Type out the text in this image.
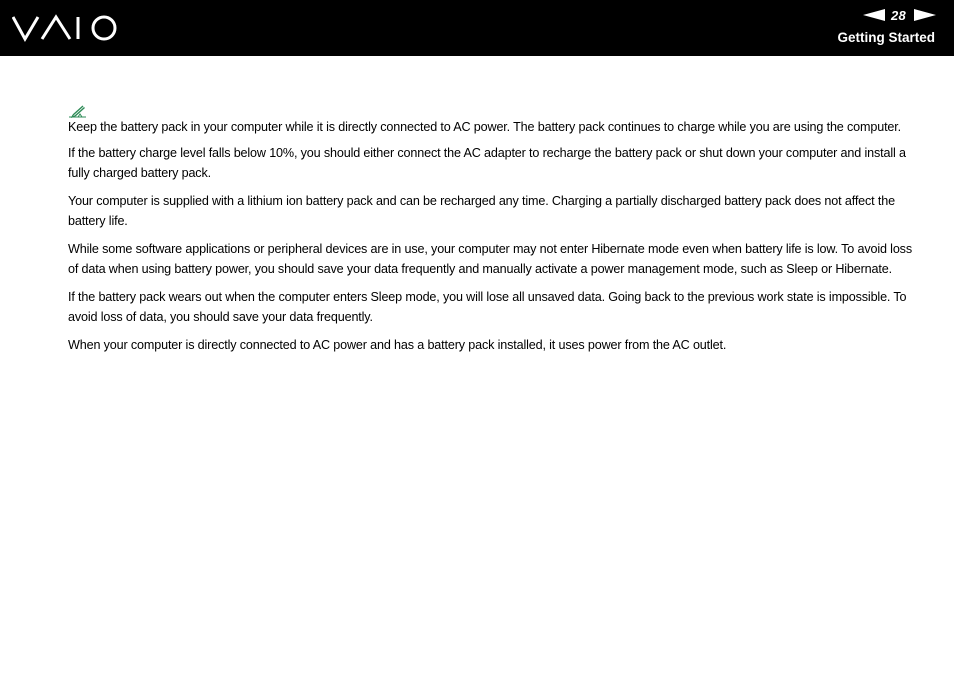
28
Getting Started
Keep the battery pack in your computer while it is directly connected to AC power. The battery pack continues to charge while you are using the computer.

If the battery charge level falls below 10%, you should either connect the AC adapter to recharge the battery pack or shut down your computer and install a fully charged battery pack.

Your computer is supplied with a lithium ion battery pack and can be recharged any time. Charging a partially discharged battery pack does not affect the battery life.

While some software applications or peripheral devices are in use, your computer may not enter Hibernate mode even when battery life is low. To avoid loss of data when using battery power, you should save your data frequently and manually activate a power management mode, such as Sleep or Hibernate.

If the battery pack wears out when the computer enters Sleep mode, you will lose all unsaved data. Going back to the previous work state is impossible. To avoid loss of data, you should save your data frequently.

When your computer is directly connected to AC power and has a battery pack installed, it uses power from the AC outlet.
